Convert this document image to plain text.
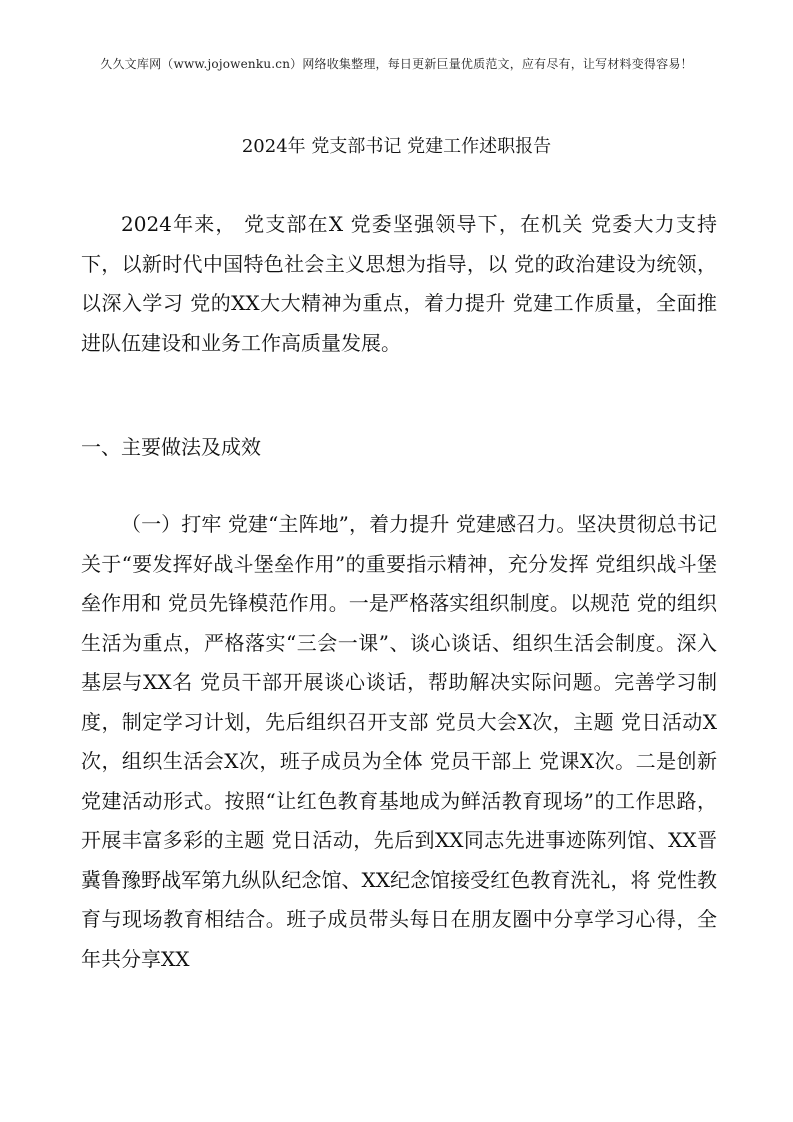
久久文库网（www.jojowenku.cn）网络收集整理，每日更新巨量优质范文，应有尽有，让写材料变得容易！
2024年 党支部书记 党建工作述职报告

2024年来， 党支部在X 党委坚强领导下，在机关 党委大力支持下，以新时代中国特色社会主义思想为指导，以 党的政治建设为统领，以深入学习 党的XX大大精神为重点，着力提升 党建工作质量，全面推进队伍建设和业务工作高质量发展。

一、主要做法及成效

（一）打牢 党建“主阵地”，着力提升 党建感召力。坚决贯彻总书记关于“要发挥好战斗堡垒作用”的重要指示精神，充分发挥 党组织战斗堡垒作用和 党员先锋模范作用。一是严格落实组织制度。以规范 党的组织生活为重点，严格落实“三会一课”、谈心谈话、组织生活会制度。深入基层与XX名 党员干部开展谈心谈话，帮助解决实际问题。完善学习制度，制定学习计划，先后组织召开支部 党员大会X次，主题 党日活动X次，组织生活会X次，班子成员为全体 党员干部上 党课X次。二是创新 党建活动形式。按照“让红色教育基地成为鲜活教育现场”的工作思路，开展丰富多彩的主题 党日活动，先后到XX同志先进事迹陈列馆、XX晋冀鲁豫野战军第九纵队纪念馆、XX纪念馆接受红色教育洗礼，将 党性教育与现场教育相结合。班子成员带头每日在朋友圈中分享学习心得，全年共分享XX
